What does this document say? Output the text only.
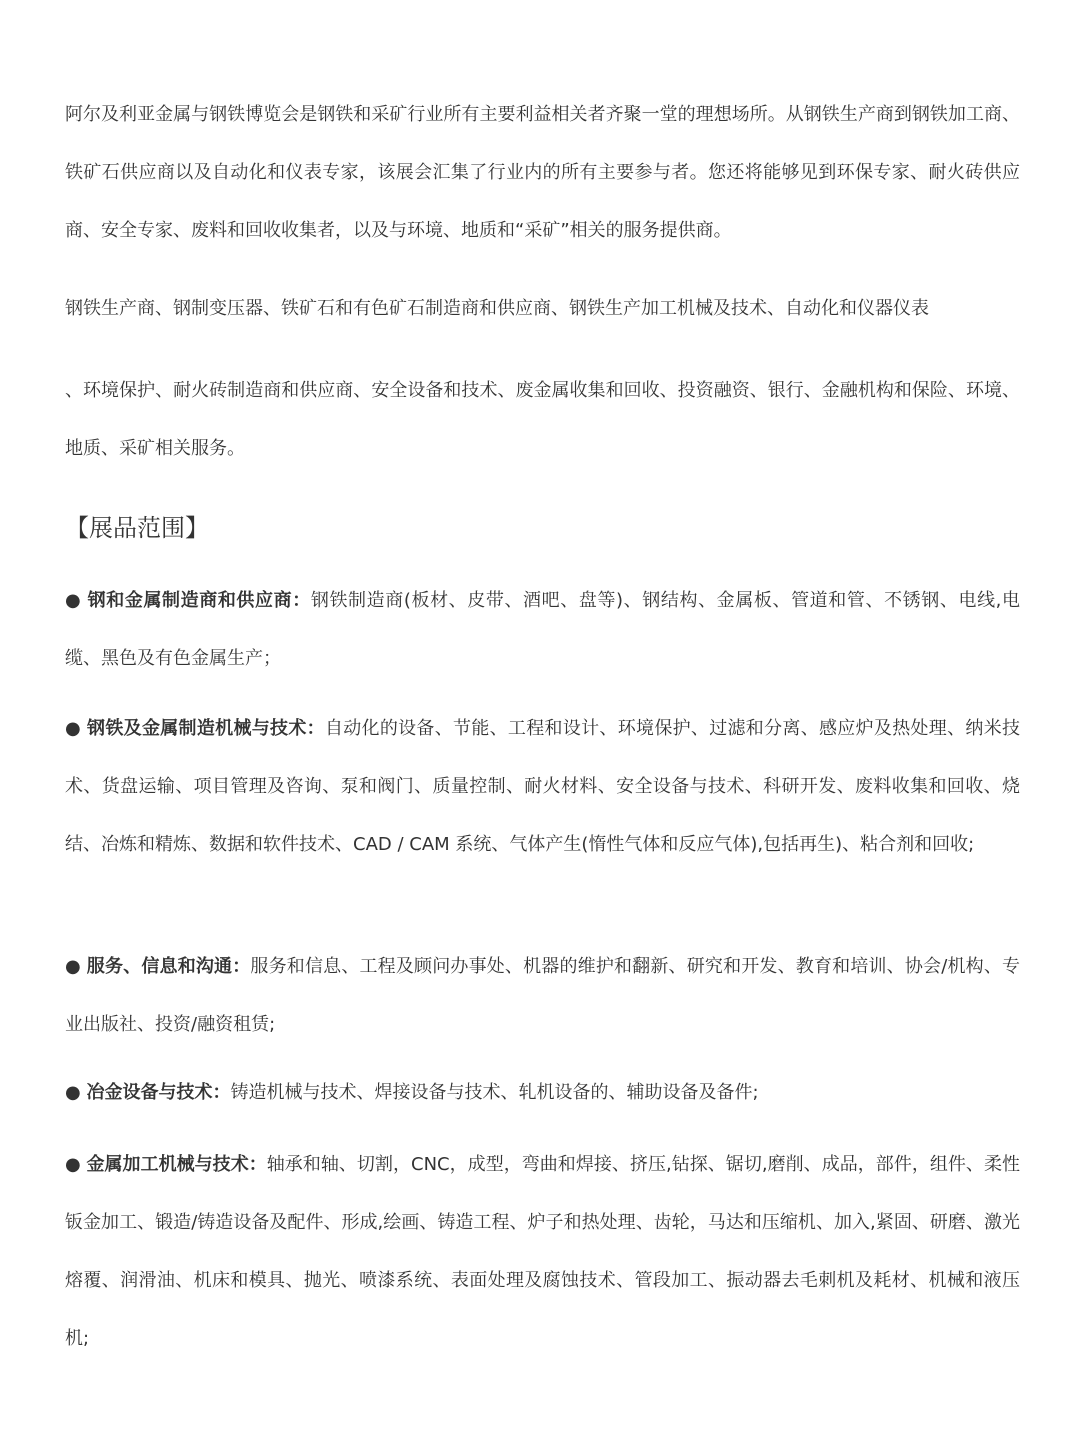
阿尔及利亚金属与钢铁博览会是钢铁和采矿行业所有主要利益相关者齐聚一堂的理想场所。从钢铁生产商到钢铁加工商、铁矿石供应商以及自动化和仪表专家，该展会汇集了行业内的所有主要参与者。您还将能够见到环保专家、耐火砖供应商、安全专家、废料和回收收集者，以及与环境、地质和“采矿”相关的服务提供商。

钢铁生产商、钢制变压器、铁矿石和有色矿石制造商和供应商、钢铁生产加工机械及技术、自动化和仪器仪表

、环境保护、耐火砖制造商和供应商、安全设备和技术、废金属收集和回收、投资融资、银行、金融机构和保险、环境、地质、采矿相关服务。

【展品范围】

● 钢和金属制造商和供应商：钢铁制造商(板材、皮带、酒吧、盘等)、钢结构、金属板、管道和管、不锈钢、电线,电缆、黑色及有色金属生产；

● 钢铁及金属制造机械与技术：自动化的设备、节能、工程和设计、环境保护、过滤和分离、感应炉及热处理、纳米技术、货盘运输、项目管理及咨询、泵和阀门、质量控制、耐火材料、安全设备与技术、科研开发、废料收集和回收、烧结、冶炼和精炼、数据和软件技术、CAD / CAM 系统、气体产生(惰性气体和反应气体),包括再生)、粘合剂和回收;

● 服务、信息和沟通：服务和信息、工程及顾问办事处、机器的维护和翻新、研究和开发、教育和培训、协会/机构、专业出版社、投资/融资租赁;

● 冶金设备与技术：铸造机械与技术、焊接设备与技术、轧机设备的、辅助设备及备件;

● 金属加工机械与技术：轴承和轴、切割，CNC，成型，弯曲和焊接、挤压,钻探、锯切,磨削、成品，部件，组件、柔性钣金加工、锻造/铸造设备及配件、形成,绘画、铸造工程、炉子和热处理、齿轮，马达和压缩机、加入,紧固、研磨、激光熔覆、润滑油、机床和模具、抛光、喷漆系统、表面处理及腐蚀技术、管段加工、振动器去毛刺机及耗材、机械和液压机;
